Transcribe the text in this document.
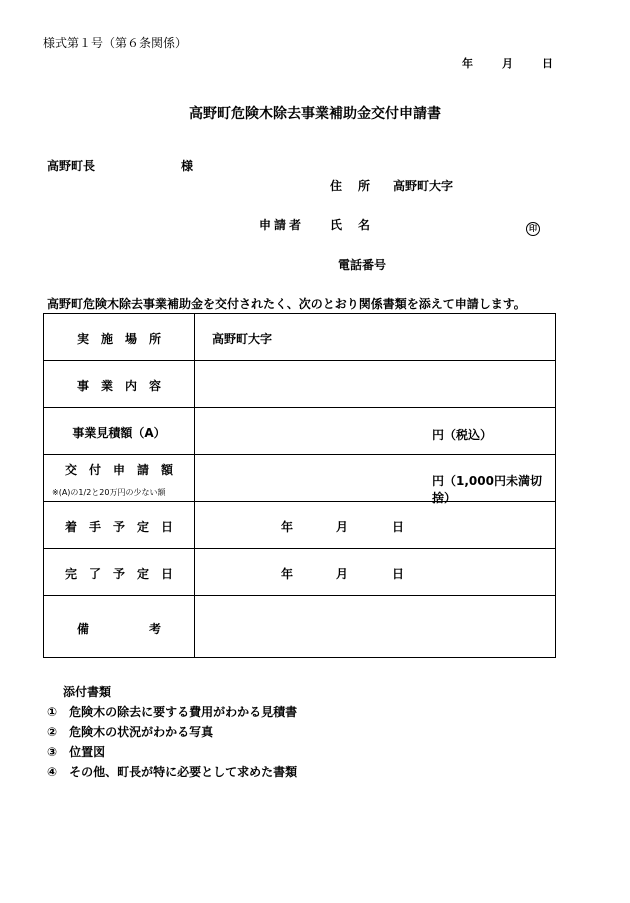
様式第１号（第６条関係）
年	月	日
高野町危険木除去事業補助金交付申請書
高野町長	様
住　所 高野町大字
申請者 氏　名	印
電話番号
高野町危険木除去事業補助金を交付されたく、次のとおり関係書類を添えて申請します。
実　施　場　所	高野町大字
事　業　内　容
事業見積額（A）	円（税込）
交　付　申　請　額
※(A)の1/2と20万円の少ない額
円（1,000円未満切捨）
着　手　予　定　日	年	月	日
完　了　予　定　日	年	月	日
備　　　　　考
添付書類
①　危険木の除去に要する費用がわかる見積書
②　危険木の状況がわかる写真
③　位置図
④　その他、町長が特に必要として求めた書類
